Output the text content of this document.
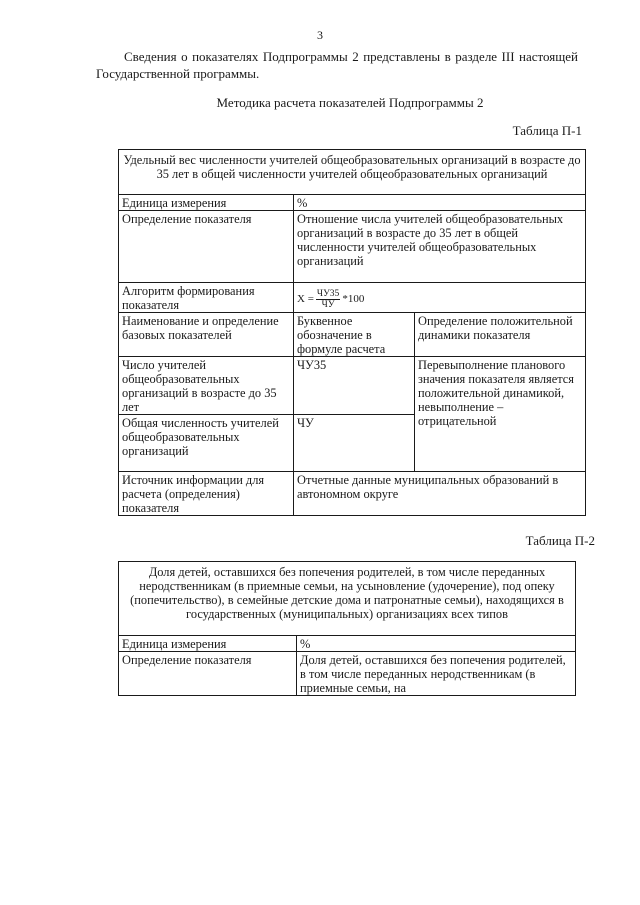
3

Сведения о показателях Подпрограммы 2 представлены в разделе III настоящей Государственной программы.

Методика расчета показателей Подпрограммы 2
Таблица П-1
Удельный вес численности учителей общеобразовательных организаций в возрасте до 35 лет в общей численности учителей общеобразовательных организаций		
Единица измерения	%	
Определение показателя	Отношение числа учителей общеобразовательных организаций в возрасте до 35 лет в общей численности учителей общеобразовательных организаций	
Алгоритм формирования показателя	$X = \frac{ЧУ35}{ЧУ} *100$	

Наименование и определение базовых показателей	Буквенное обозначение в формуле расчета	Определение положительной динамики показателя
Число учителей общеобразовательных организаций в возрасте до 35 лет	ЧУ35	Перевыполнение планового значения показателя является положительной динамикой, невыполнение – отрицательной
Общая численность учителей общеобразовательных организаций	ЧУ	
Источник информации для расчета (определения) показателя	Отчетные данные муниципальных образований в автономном округе	
Таблица П-2
Доля детей, оставшихся без попечения родителей, в том числе переданных неродственникам (в приемные семьи, на усыновление (удочерение), под опеку (попечительство), в семейные детские дома и патронатные семьи), находящихся в государственных (муниципальных) организациях всех типов	
Единица измерения	%
Определение показателя	Доля детей, оставшихся без попечения родителей, в том числе переданных неродственникам (в приемные семьи, на
